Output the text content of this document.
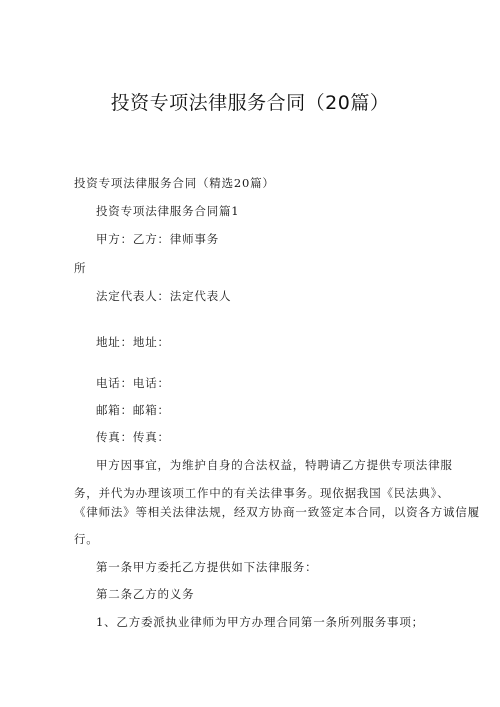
投资专项法律服务合同（20篇）
投资专项法律服务合同（精选20篇）
投资专项法律服务合同篇1
甲方：乙方：律师事务
所
法定代表人：法定代表人
地址：地址：
电话：电话：
邮箱：邮箱：
传真：传真：
甲方因事宜，为维护自身的合法权益，特聘请乙方提供专项法律服
务，并代为办理该项工作中的有关法律事务。现依据我国《民法典》、
《律师法》等相关法律法规，经双方协商一致签定本合同，以资各方诚信履
行。
第一条甲方委托乙方提供如下法律服务：
第二条乙方的义务
1、乙方委派执业律师为甲方办理合同第一条所列服务事项；
